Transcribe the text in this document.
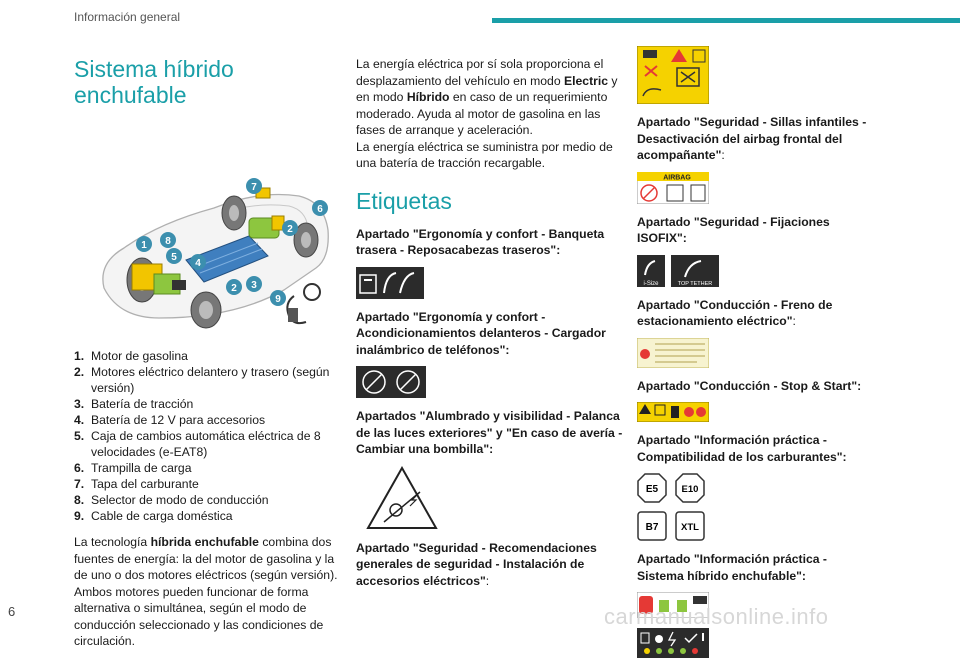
Información general
Sistema híbrido
enchufable
1
2 3
4
5
6
7
8
9
2
1. Motor de gasolina
2. Motores eléctrico delantero y trasero (según versión)
3. Batería de tracción
4. Batería de 12 V para accesorios
5. Caja de cambios automática eléctrica de 8 velocidades (e-EAT8)
6. Trampilla de carga
7. Tapa del carburante
8. Selector de modo de conducción
9. Cable de carga doméstica

La tecnología híbrida enchufable combina dos fuentes de energía: la del motor de gasolina y la de uno o dos motores eléctricos (según versión). Ambos motores pueden funcionar de forma alternativa o simultánea, según el modo de conducción seleccionado y las condiciones de circulación.

La energía eléctrica por sí sola proporciona el desplazamiento del vehículo en modo Electric y en modo Híbrido en caso de un requerimiento moderado. Ayuda al motor de gasolina en las fases de arranque y aceleración.

La energía eléctrica se suministra por medio de una batería de tracción recargable.

Etiquetas

Apartado "Ergonomía y confort - Banqueta trasera - Reposacabezas traseros":

Apartado "Ergonomía y confort - Acondicionamientos delanteros - Cargador inalámbrico de teléfonos":

Apartados "Alumbrado y visibilidad - Palanca de las luces exteriores" y "En caso de avería - Cambiar una bombilla":

Apartado "Seguridad - Recomendaciones generales de seguridad - Instalación de accesorios eléctricos":

Apartado "Seguridad - Sillas infantiles - Desactivación del airbag frontal del acompañante":

AIRBAG

Apartado "Seguridad - Fijaciones ISOFIX":

i-Size	TOP TETHER

Apartado "Conducción - Freno de estacionamiento eléctrico":

Apartado "Conducción - Stop & Start":

Apartado "Información práctica - Compatibilidad de los carburantes":

E5 E10
B7 XTL

Apartado "Información práctica - Sistema híbrido enchufable":

6	carmanualsonline.info
